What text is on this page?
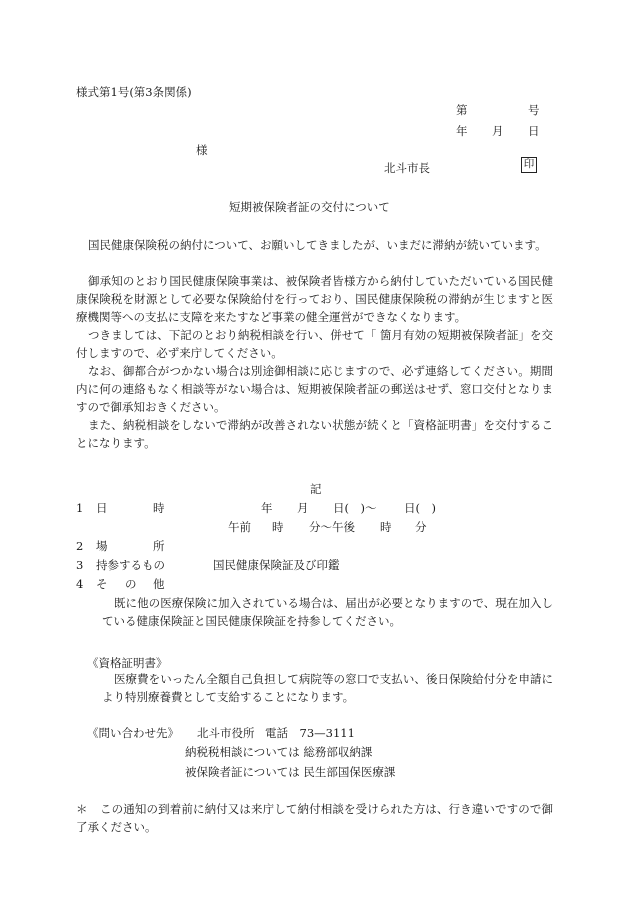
様式第1号(第3条関係)
第	号
年 月 日
様
北斗市長	印
短期被保険者証の交付について
国民健康保険税の納付について、お願いしてきましたが、いまだに滞納が続いています。
御承知のとおり国民健康保険事業は、被保険者皆様方から納付していただいている国民健康保険税を財源として必要な保険給付を行っており、国民健康保険税の滞納が生じますと医療機関等への支払に支障を来たすなど事業の健全運営ができなくなります。
つきましては、下記のとおり納税相談を行い、併せて「 箇月有効の短期被保険者証」を交付しますので、必ず来庁してください。
なお、御都合がつかない場合は別途御相談に応じますので、必ず連絡してください。期間内に何の連絡もなく相談等がない場合は、短期被保険者証の郵送はせず、窓口交付となりますので御承知おきください。
また、納税相談をしないで滞納が改善されない状態が続くと「資格証明書」を交付することになります。
記
1 日	時	年 月 日(　)〜 日(　)
午前 時 分〜午後 時 分
2 場	所
3 持参するもの	国民健康保険証及び印鑑
4 そ の 他
既に他の医療保険に加入されている場合は、届出が必要となりますので、現在加入している健康保険証と国民健康保険証を持参してください。
《資格証明書》
医療費をいったん全額自己負担して病院等の窓口で支払い、後日保険給付分を申請により特別療養費として支給することになります。
《問い合わせ先》 北斗市役所 電話　73—3111
納税税相談については 総務部収納課
被保険者証については 民生部国保医療課
＊	この通知の到着前に納付又は来庁して納付相談を受けられた方は、行き違いですので御了承ください。
